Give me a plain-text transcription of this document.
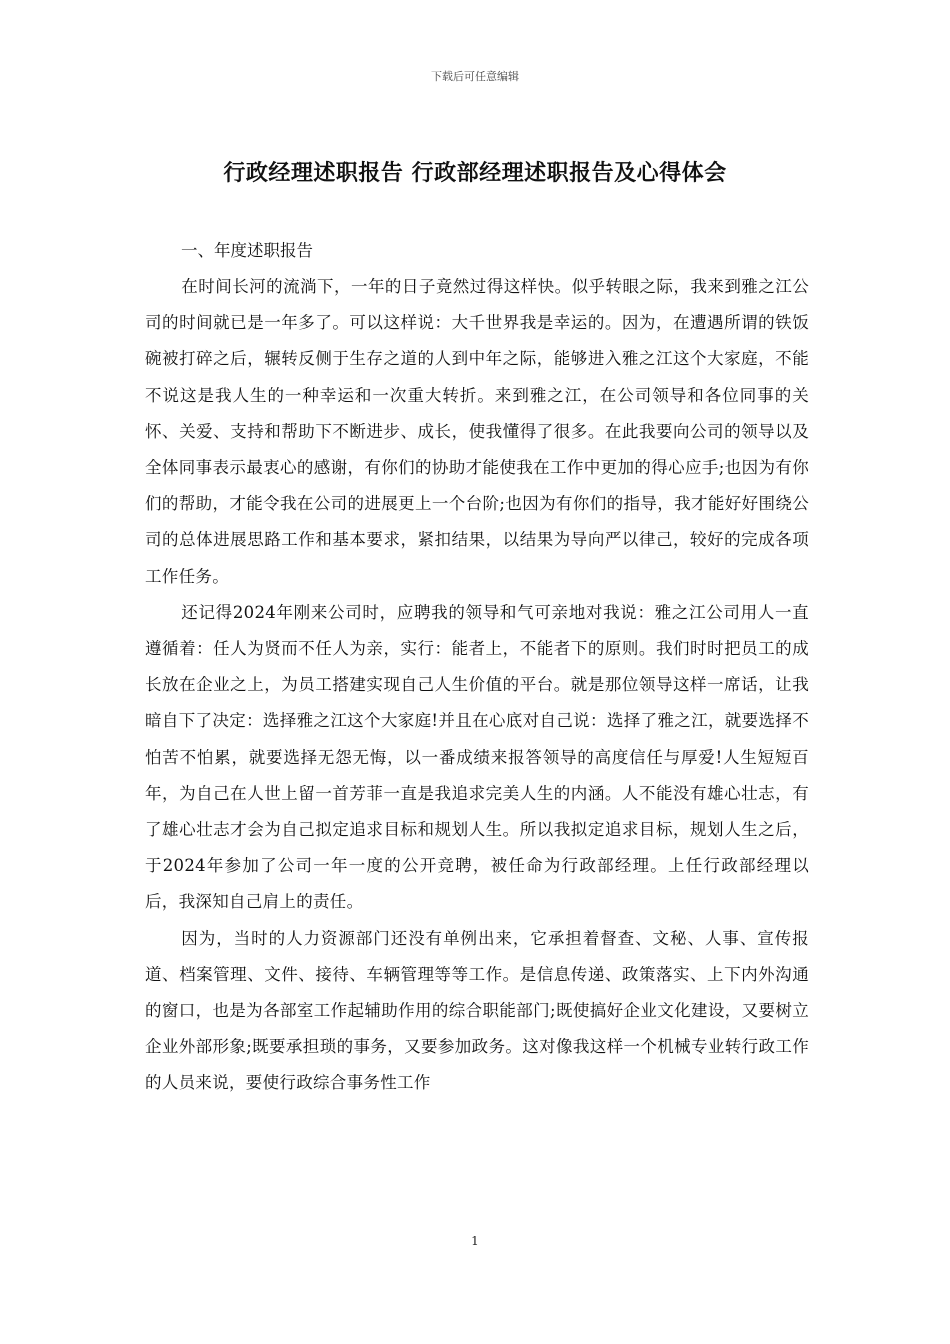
下载后可任意编辑
行政经理述职报告 行政部经理述职报告及心得体会
一、年度述职报告

在时间长河的流淌下，一年的日子竟然过得这样快。似乎转眼之际，我来到雅之江公司的时间就已是一年多了。可以这样说：大千世界我是幸运的。因为，在遭遇所谓的铁饭碗被打碎之后，辗转反侧于生存之道的人到中年之际，能够进入雅之江这个大家庭，不能不说这是我人生的一种幸运和一次重大转折。来到雅之江，在公司领导和各位同事的关怀、关爱、支持和帮助下不断进步、成长，使我懂得了很多。在此我要向公司的领导以及全体同事表示最衷心的感谢，有你们的协助才能使我在工作中更加的得心应手;也因为有你们的帮助，才能令我在公司的进展更上一个台阶;也因为有你们的指导，我才能好好围绕公司的总体进展思路工作和基本要求，紧扣结果，以结果为导向严以律己，较好的完成各项工作任务。

还记得2024年刚来公司时，应聘我的领导和气可亲地对我说：雅之江公司用人一直遵循着：任人为贤而不任人为亲，实行：能者上，不能者下的原则。我们时时把员工的成长放在企业之上，为员工搭建实现自己人生价值的平台。就是那位领导这样一席话，让我暗自下了决定：选择雅之江这个大家庭!并且在心底对自己说：选择了雅之江，就要选择不怕苦不怕累，就要选择无怨无悔，以一番成绩来报答领导的高度信任与厚爱!人生短短百年，为自己在人世上留一首芳菲一直是我追求完美人生的内涵。人不能没有雄心壮志，有了雄心壮志才会为自己拟定追求目标和规划人生。所以我拟定追求目标，规划人生之后，于2024年参加了公司一年一度的公开竞聘，被任命为行政部经理。上任行政部经理以后，我深知自己肩上的责任。

因为，当时的人力资源部门还没有单例出来，它承担着督查、文秘、人事、宣传报道、档案管理、文件、接待、车辆管理等等工作。是信息传递、政策落实、上下内外沟通的窗口，也是为各部室工作起辅助作用的综合职能部门;既使搞好企业文化建设，又要树立企业外部形象;既要承担琐的事务，又要参加政务。这对像我这样一个机械专业转行政工作的人员来说，要使行政综合事务性工作

1
